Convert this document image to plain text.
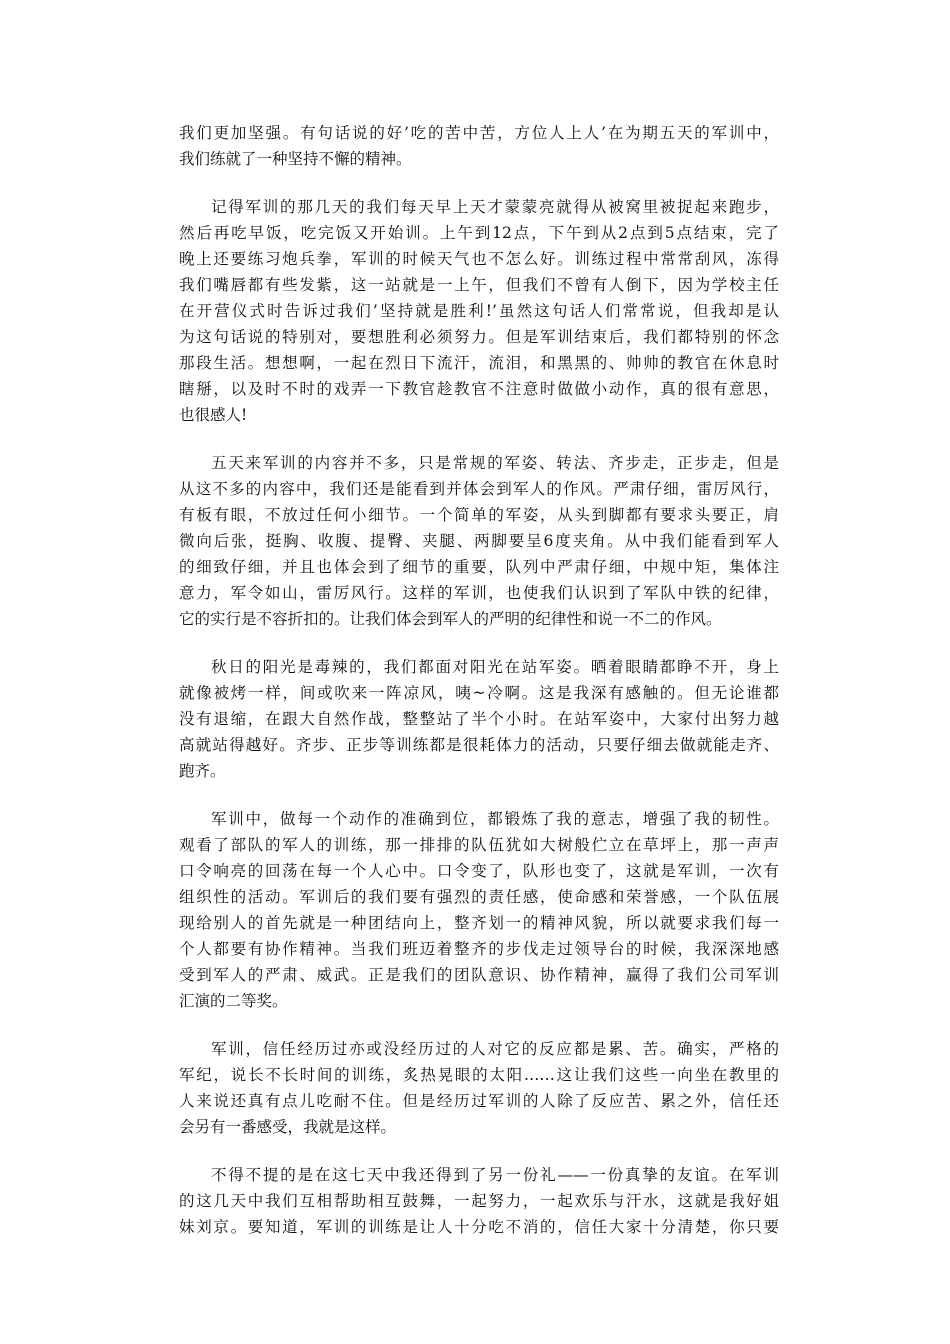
我们更加坚强。有句话说的好’吃的苦中苦，方位人上人’在为期五天的军训中，
我们练就了一种坚持不懈的精神。

记得军训的那几天的我们每天早上天才蒙蒙亮就得从被窝里被捉起来跑步，
然后再吃早饭，吃完饭又开始训。上午到12点，下午到从2点到5点结束，完了
晚上还要练习炮兵拳，军训的时候天气也不怎么好。训练过程中常常刮风，冻得
我们嘴唇都有些发紫，这一站就是一上午，但我们不曾有人倒下，因为学校主任
在开营仪式时告诉过我们’坚持就是胜利!’虽然这句话人们常常说，但我却是认
为这句话说的特别对，要想胜利必须努力。但是军训结束后，我们都特别的怀念
那段生活。想想啊，一起在烈日下流汗，流泪，和黑黑的、帅帅的教官在休息时
瞎掰，以及时不时的戏弄一下教官趁教官不注意时做做小动作，真的很有意思，
也很感人!

五天来军训的内容并不多，只是常规的军姿、转法、齐步走，正步走，但是
从这不多的内容中，我们还是能看到并体会到军人的作风。严肃仔细，雷厉风行，
有板有眼，不放过任何小细节。一个简单的军姿，从头到脚都有要求头要正，肩
微向后张，挺胸、收腹、提臀、夹腿、两脚要呈6度夹角。从中我们能看到军人
的细致仔细，并且也体会到了细节的重要，队列中严肃仔细，中规中矩，集体注
意力，军令如山，雷厉风行。这样的军训，也使我们认识到了军队中铁的纪律，
它的实行是不容折扣的。让我们体会到军人的严明的纪律性和说一不二的作风。

秋日的阳光是毒辣的，我们都面对阳光在站军姿。晒着眼睛都睁不开，身上
就像被烤一样，间或吹来一阵凉风，咦~冷啊。这是我深有感触的。但无论谁都
没有退缩，在跟大自然作战，整整站了半个小时。在站军姿中，大家付出努力越
高就站得越好。齐步、正步等训练都是很耗体力的活动，只要仔细去做就能走齐、
跑齐。

军训中，做每一个动作的准确到位，都锻炼了我的意志，增强了我的韧性。
观看了部队的军人的训练，那一排排的队伍犹如大树般伫立在草坪上，那一声声
口令响亮的回荡在每一个人心中。口令变了，队形也变了，这就是军训，一次有
组织性的活动。军训后的我们要有强烈的责任感，使命感和荣誉感，一个队伍展
现给别人的首先就是一种团结向上，整齐划一的精神风貌，所以就要求我们每一
个人都要有协作精神。当我们班迈着整齐的步伐走过领导台的时候，我深深地感
受到军人的严肃、威武。正是我们的团队意识、协作精神，赢得了我们公司军训
汇演的二等奖。

军训，信任经历过亦或没经历过的人对它的反应都是累、苦。确实，严格的
军纪，说长不长时间的训练，炙热晃眼的太阳……这让我们这些一向坐在教里的
人来说还真有点儿吃耐不住。但是经历过军训的人除了反应苦、累之外，信任还
会另有一番感受，我就是这样。

不得不提的是在这七天中我还得到了另一份礼——一份真挚的友谊。在军训
的这几天中我们互相帮助相互鼓舞，一起努力，一起欢乐与汗水，这就是我好姐
妹刘京。要知道，军训的训练是让人十分吃不消的，信任大家十分清楚，你只要
